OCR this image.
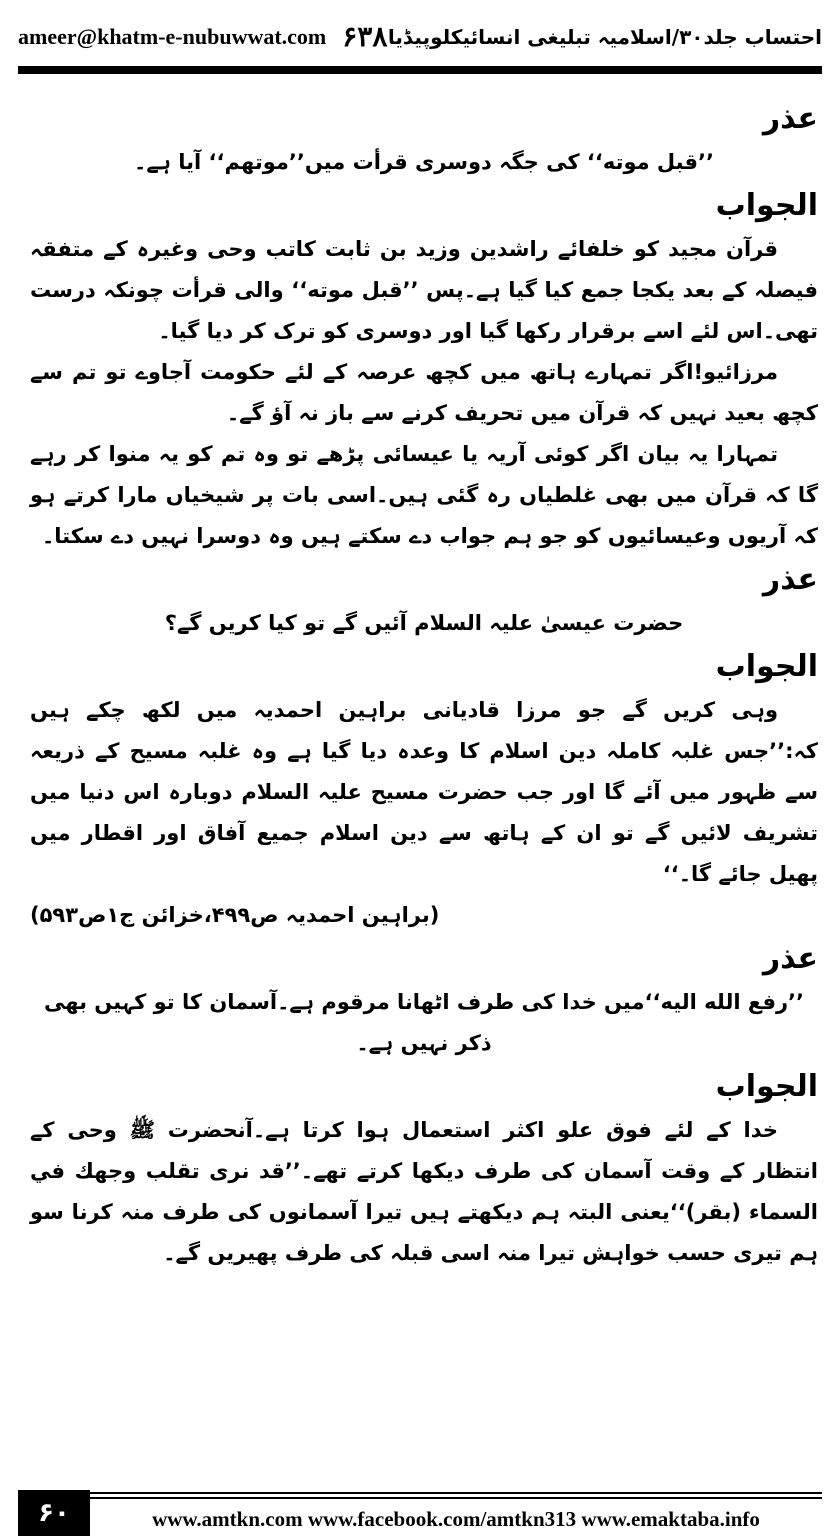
ameer@khatm-e-nubuwwat.com ۶۳۸ احتساب جلد۳۰/اسلامیہ تبلیغی انسائیکلوپیڈیا

عذر

’’قبل موته‘‘ کی جگہ دوسری قرأت میں’’موتهم‘‘ آیا ہے۔

الجواب

قرآن مجید کو خلفائے راشدین وزید بن ثابت کاتب وحی وغیرہ کے متفقہ فیصلہ کے بعد یکجا جمع کیا گیا ہے۔پس ’’قبل موته‘‘ والی قرأت چونکہ درست تھی۔اس لئے اسے برقرار رکھا گیا اور دوسری کو ترک کر دیا گیا۔

مرزائیو!اگر تمہارے ہاتھ میں کچھ عرصہ کے لئے حکومت آجاوے تو تم سے کچھ بعید نہیں کہ قرآن میں تحریف کرنے سے باز نہ آؤ گے۔

تمہارا یہ بیان اگر کوئی آریہ یا عیسائی پڑھے تو وہ تم کو یہ منوا کر رہے گا کہ قرآن میں بھی غلطیاں رہ گئی ہیں۔اسی بات پر شیخیاں مارا کرتے ہو کہ آریوں وعیسائیوں کو جو ہم جواب دے سکتے ہیں وہ دوسرا نہیں دے سکتا۔

عذر

حضرت عیسیٰ علیہ السلام آئیں گے تو کیا کریں گے؟

الجواب

وہی کریں گے جو مرزا قادیانی براہین احمدیہ میں لکھ چکے ہیں کہ:’’جس غلبہ کاملہ دین اسلام کا وعدہ دیا گیا ہے وہ غلبہ مسیح کے ذریعہ سے ظہور میں آئے گا اور جب حضرت مسیح علیہ السلام دوبارہ اس دنیا میں تشریف لائیں گے تو ان کے ہاتھ سے دین اسلام جمیع آفاق اور اقطار میں پھیل جائے گا۔‘‘

(براہین احمدیہ ص۴۹۹،خزائن ج۱ص۵۹۳)

عذر

’’رفع الله اليه‘‘میں خدا کی طرف اٹھانا مرقوم ہے۔آسمان کا تو کہیں بھی ذکر نہیں ہے۔

الجواب

خدا کے لئے فوق علو اکثر استعمال ہوا کرتا ہے۔آنحضرت ﷺ وحی کے انتظار کے وقت آسمان کی طرف دیکھا کرتے تھے۔’’قد نرى تقلب وجهك في السماء (بقر)‘‘یعنی البتہ ہم دیکھتے ہیں تیرا آسمانوں کی طرف منہ کرنا سو ہم تیری حسب خواہش تیرا منہ اسی قبلہ کی طرف پھیریں گے۔

۶۰	www.amtkn.com www.facebook.com/amtkn313 www.emaktaba.info
